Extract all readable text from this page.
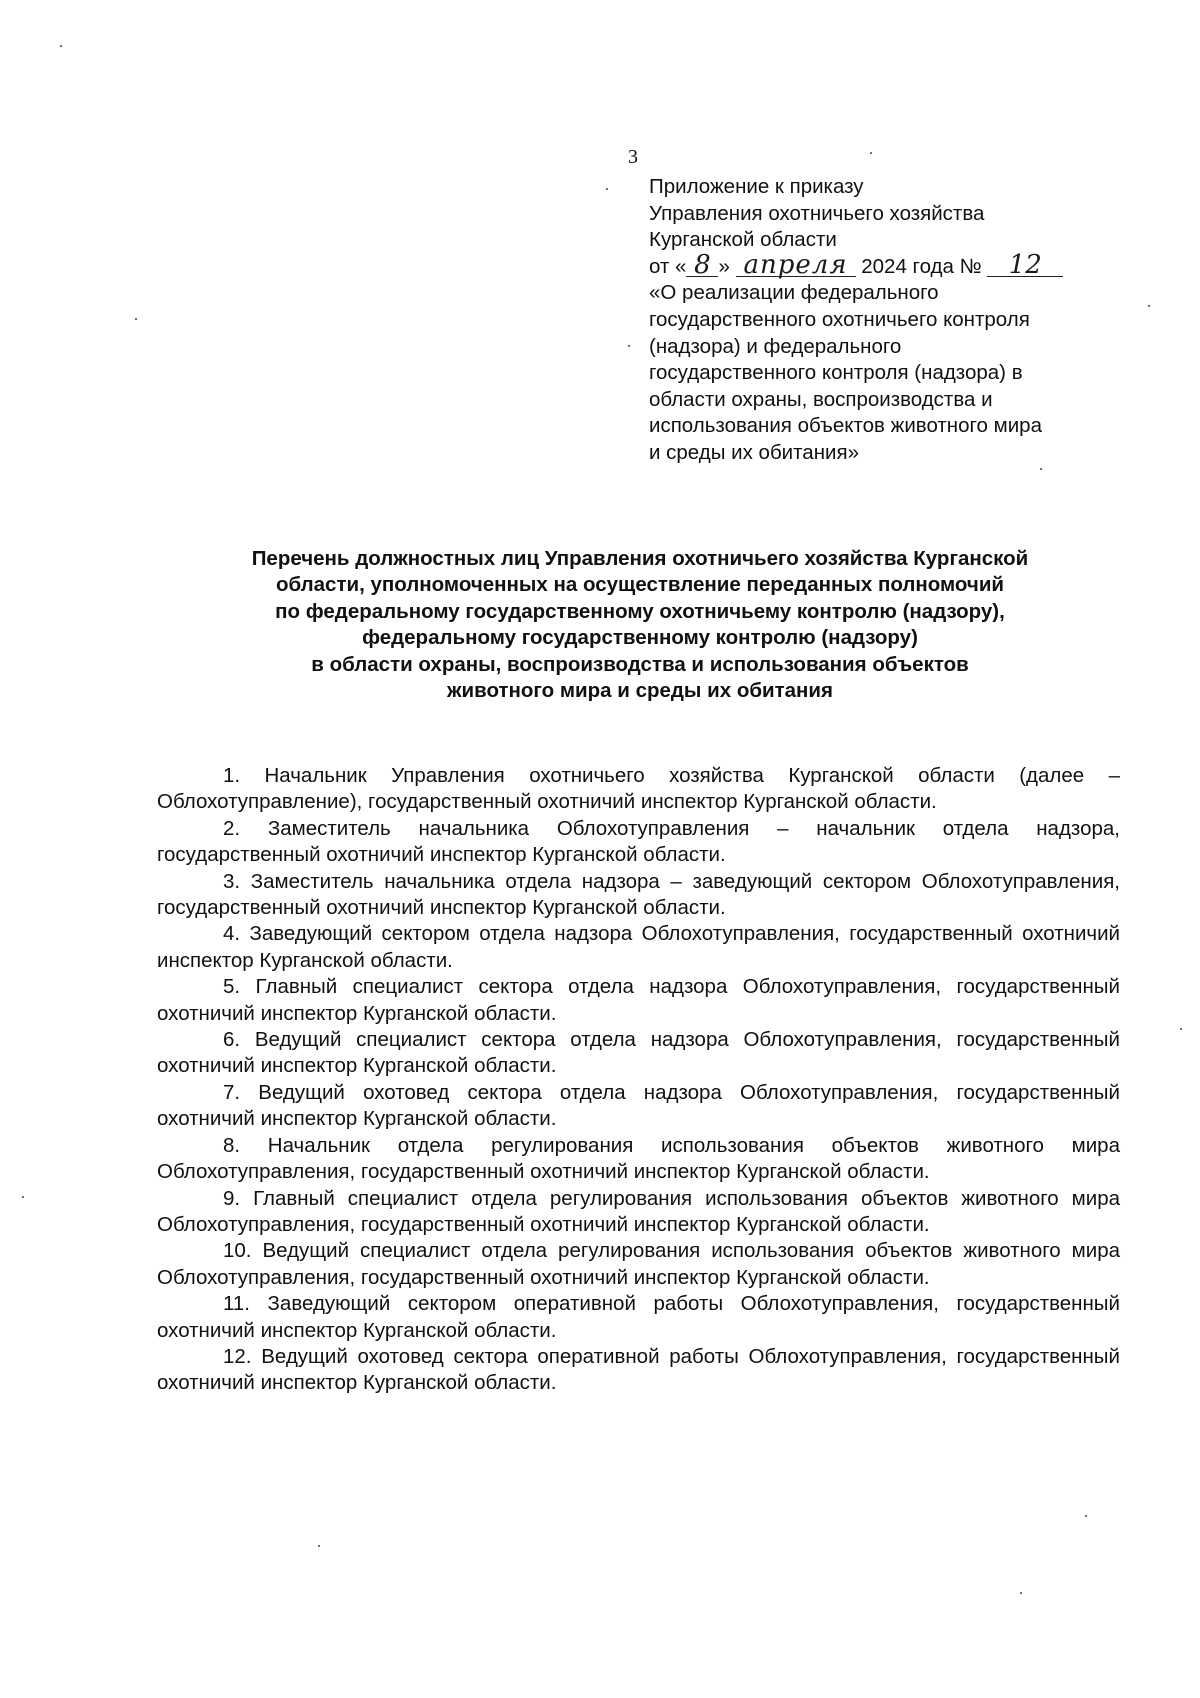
3
Приложение к приказу
Управления охотничьего хозяйства
Курганской области
от « 8 » апреля 2024 года № 12
«О реализации федерального
государственного охотничьего контроля
(надзора) и федерального
государственного контроля (надзора) в
области охраны, воспроизводства и
использования объектов животного мира
и среды их обитания»
Перечень должностных лиц Управления охотничьего хозяйства Курганской
области, уполномоченных на осуществление переданных полномочий
по федеральному государственному охотничьему контролю (надзору),
федеральному государственному контролю (надзору)
в области охраны, воспроизводства и использования объектов
животного мира и среды их обитания

1. Начальник Управления охотничьего хозяйства Курганской области (далее – Облохотуправление), государственный охотничий инспектор Курганской области.

2. Заместитель начальника Облохотуправления – начальник отдела надзора, государственный охотничий инспектор Курганской области.

3. Заместитель начальника отдела надзора – заведующий сектором Облохотуправления, государственный охотничий инспектор Курганской области.

4. Заведующий сектором отдела надзора Облохотуправления, государственный охотничий инспектор Курганской области.

5. Главный специалист сектора отдела надзора Облохотуправления, государственный охотничий инспектор Курганской области.

6. Ведущий специалист сектора отдела надзора Облохотуправления, государственный охотничий инспектор Курганской области.

7. Ведущий охотовед сектора отдела надзора Облохотуправления, государственный охотничий инспектор Курганской области.

8. Начальник отдела регулирования использования объектов животного мира Облохотуправления, государственный охотничий инспектор Курганской области.

9. Главный специалист отдела регулирования использования объектов животного мира Облохотуправления, государственный охотничий инспектор Курганской области.

10. Ведущий специалист отдела регулирования использования объектов животного мира Облохотуправления, государственный охотничий инспектор Курганской области.

11. Заведующий сектором оперативной работы Облохотуправления, государственный охотничий инспектор Курганской области.

12. Ведущий охотовед сектора оперативной работы Облохотуправления, государственный охотничий инспектор Курганской области.
